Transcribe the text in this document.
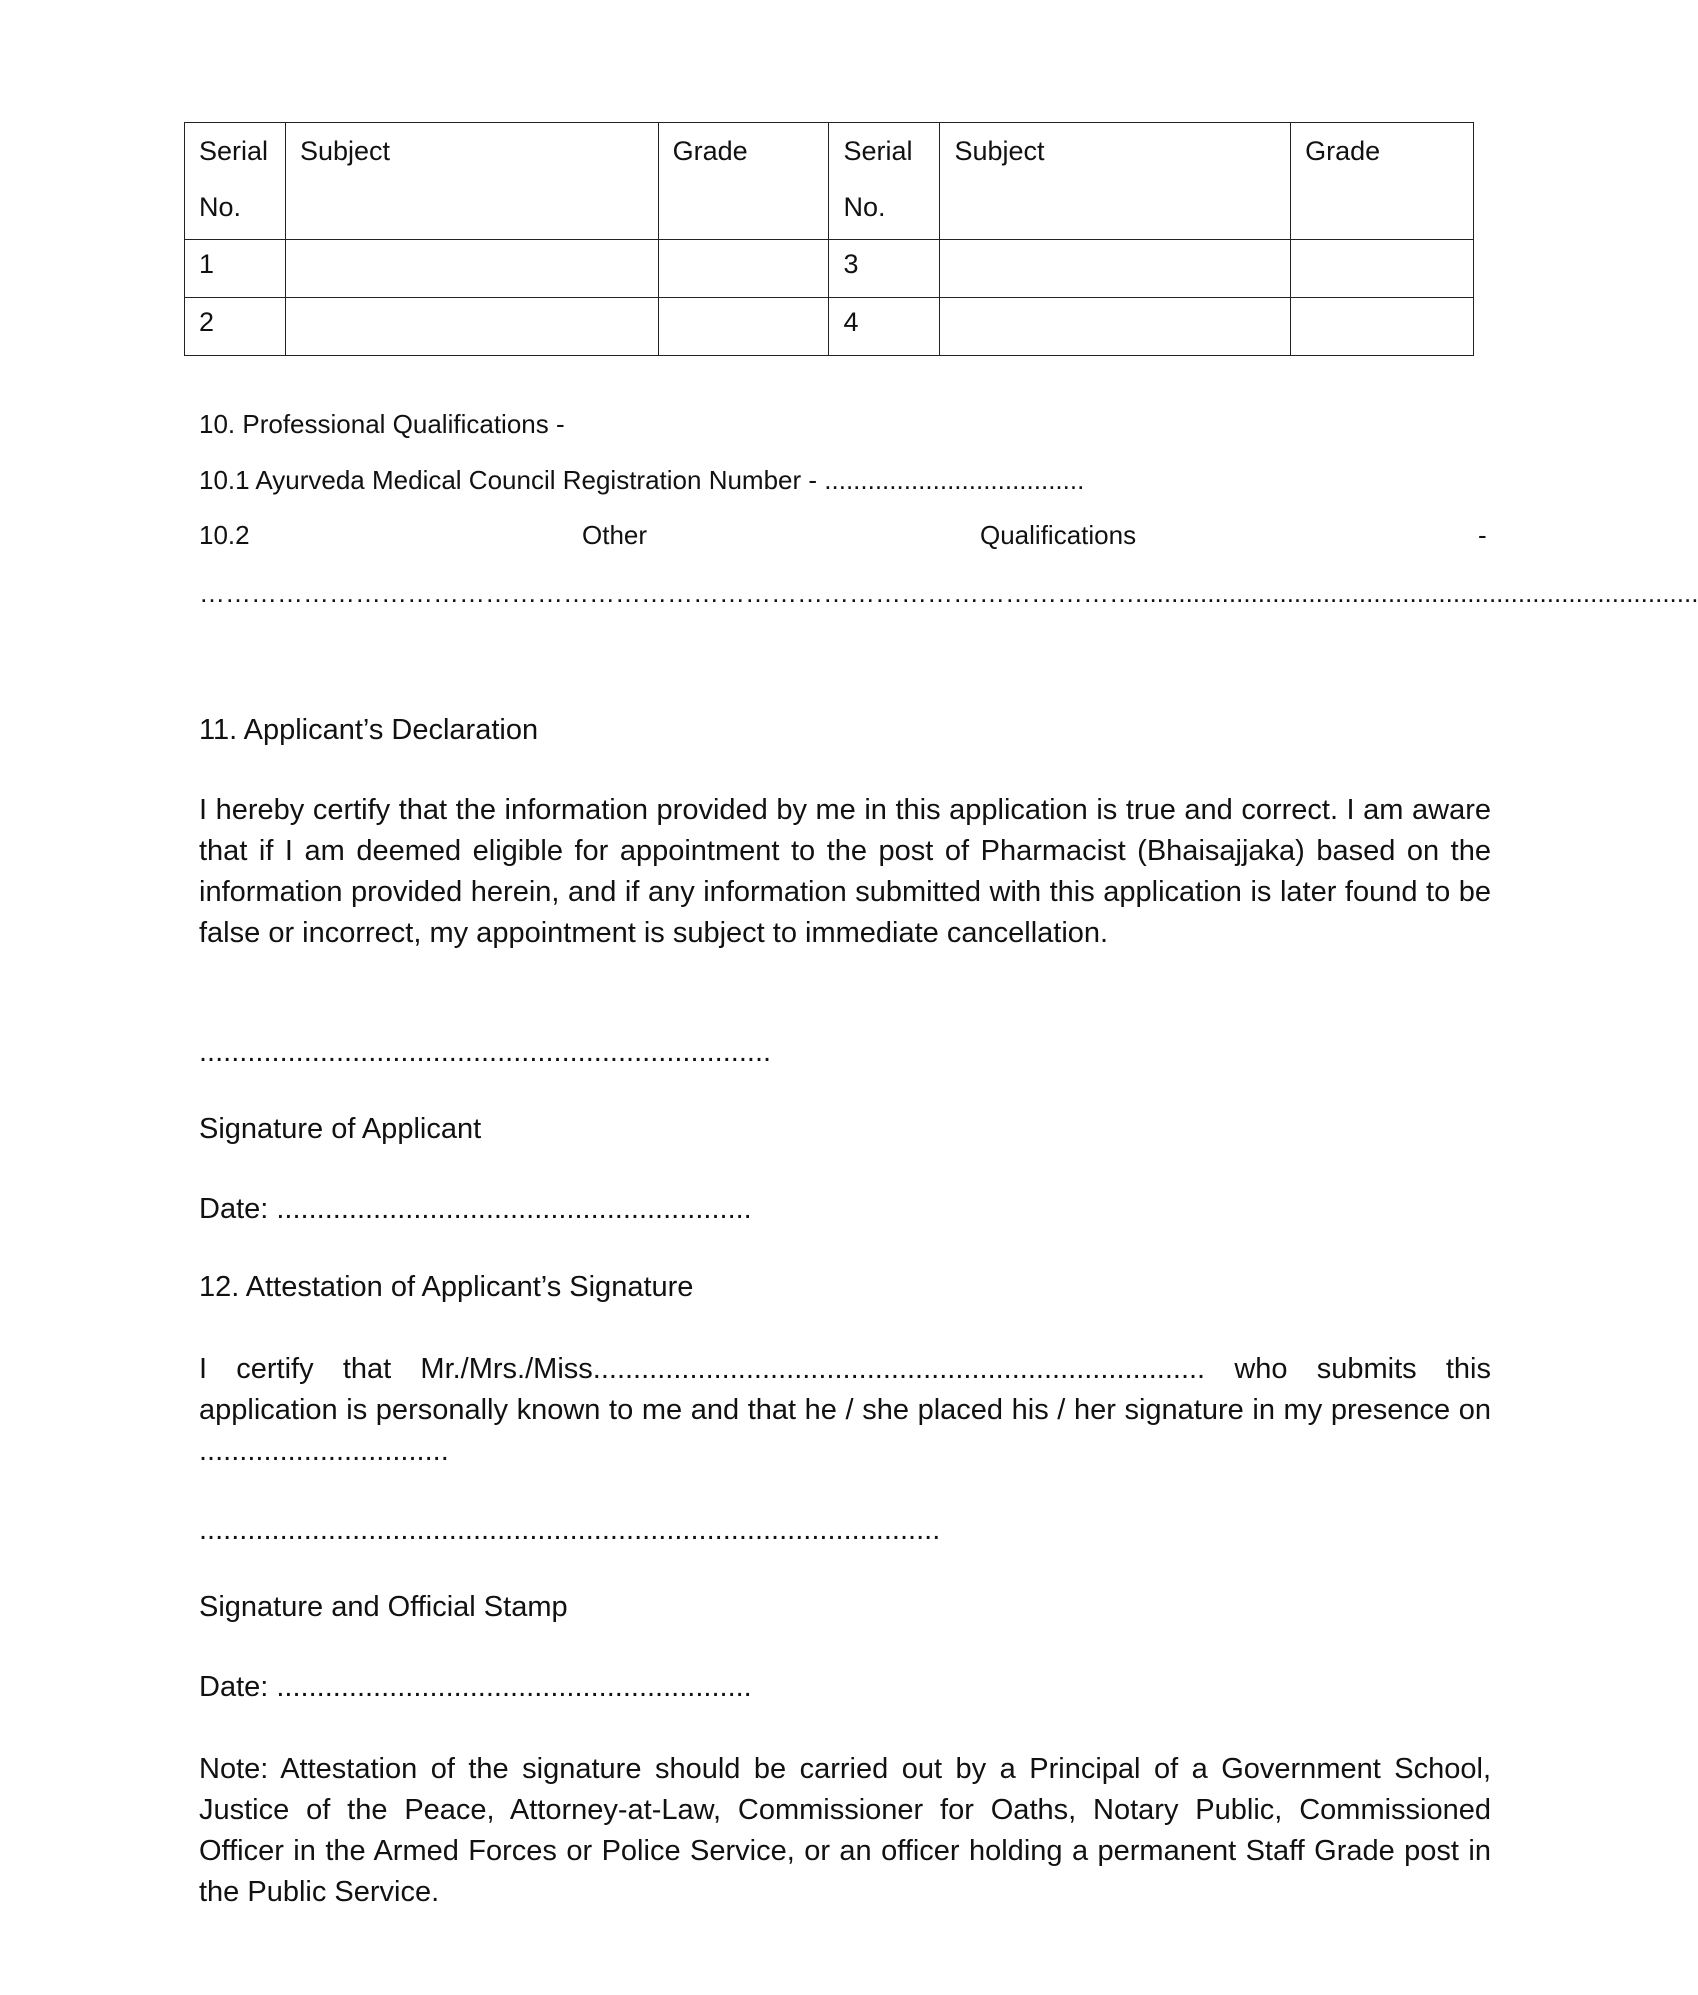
Serial No.	Subject	Grade	Serial No.	Subject	Grade
1			3		
2			4		
10. Professional Qualifications -
10.1 Ayurveda Medical Council Registration Number - ....................................
10.2	Other	Qualifications	-
………………………………………………………………………………………………..............................................................................
11. Applicant’s Declaration
I hereby certify that the information provided by me in this application is true and correct. I am aware that if I am deemed eligible for appointment to the post of Pharmacist (Bhaisajjaka) based on the information provided herein, and if any information submitted with this application is later found to be false or incorrect, my appointment is subject to immediate cancellation.
.......................................................................
Signature of Applicant
Date: ...........................................................
12. Attestation of Applicant’s Signature
I certify that Mr./Mrs./Miss............................................................................ who submits this application is personally known to me and that he / she placed his / her signature in my presence on ...............................
............................................................................................
Signature and Official Stamp
Date: ...........................................................
Note: Attestation of the signature should be carried out by a Principal of a Government School, Justice of the Peace, Attorney-at-Law, Commissioner for Oaths, Notary Public, Commissioned Officer in the Armed Forces or Police Service, or an officer holding a permanent Staff Grade post in the Public Service.
